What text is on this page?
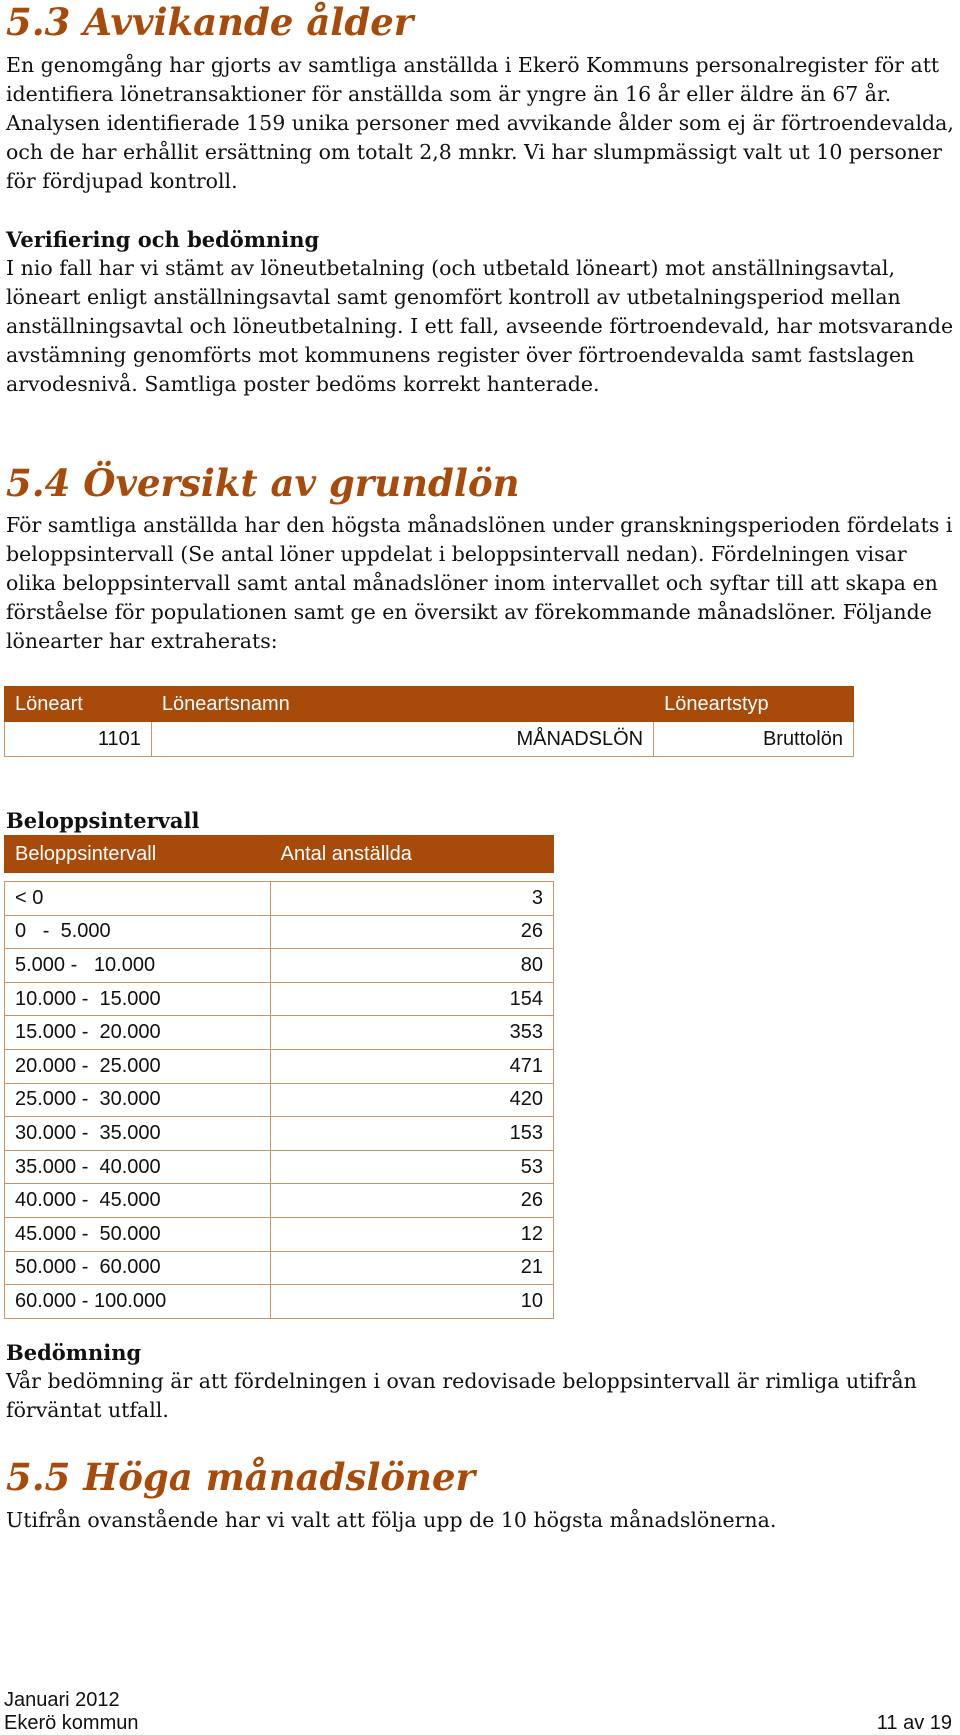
5.3 Avvikande ålder

En genomgång har gjorts av samtliga anställda i Ekerö Kommuns personalregister för att identifiera lönetransaktioner för anställda som är yngre än 16 år eller äldre än 67 år. Analysen identifierade 159 unika personer med avvikande ålder som ej är förtroendevalda, och de har erhållit ersättning om totalt 2,8 mnkr. Vi har slumpmässigt valt ut 10 personer för fördjupad kontroll.

Verifiering och bedömning

I nio fall har vi stämt av löneutbetalning (och utbetald löneart) mot anställningsavtal, löneart enligt anställningsavtal samt genomfört kontroll av utbetalningsperiod mellan anställningsavtal och löneutbetalning. I ett fall, avseende förtroendevald, har motsvarande avstämning genomförts mot kommunens register över förtroendevalda samt fastslagen arvodesnivå. Samtliga poster bedöms korrekt hanterade.

5.4 Översikt av grundlön

För samtliga anställda har den högsta månadslönen under granskningsperioden fördelats i beloppsintervall (Se antal löner uppdelat i beloppsintervall nedan). Fördelningen visar olika beloppsintervall samt antal månadslöner inom intervallet och syftar till att skapa en förståelse för populationen samt ge en översikt av förekommande månadslöner. Följande lönearter har extraherats:

Löneart	Löneartsnamn	Löneartstyp
1101	MÅNADSLÖN	Bruttolön
Beloppsintervall
Beloppsintervall	Antal anställda

< 0	3
0   -  5.000	26
5.000 -   10.000	80
10.000 -  15.000	154
15.000 -  20.000	353
20.000 -  25.000	471
25.000 -  30.000	420
30.000 -  35.000	153
35.000 -  40.000	53
40.000 -  45.000	26
45.000 -  50.000	12
50.000 -  60.000	21
60.000 - 100.000	10
Bedömning

Vår bedömning är att fördelningen i ovan redovisade beloppsintervall är rimliga utifrån förväntat utfall.

5.5 Höga månadslöner

Utifrån ovanstående har vi valt att följa upp de 10 högsta månadslönerna.

Januari 2012
Ekerö kommun	11 av 19
